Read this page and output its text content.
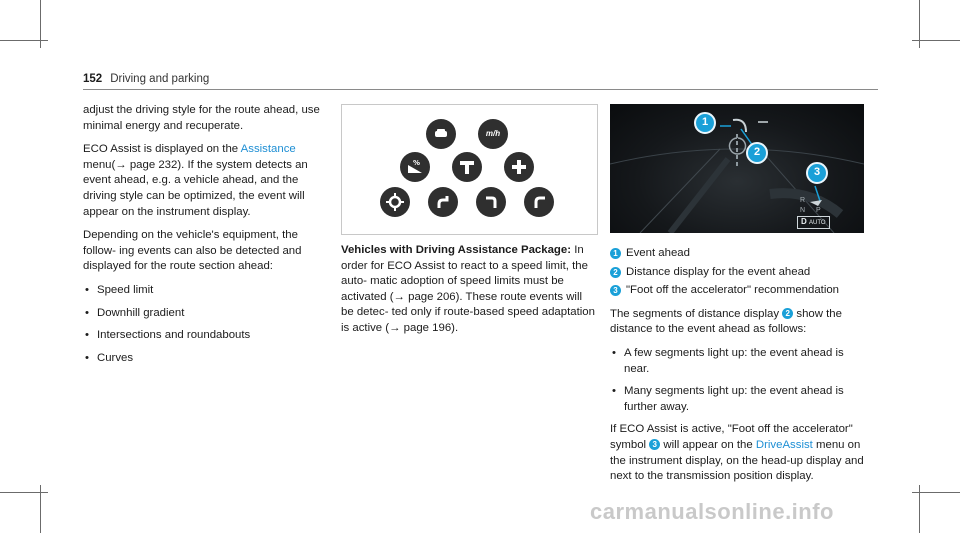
152 Driving and parking

adjust the driving style for the route ahead, use minimal energy and recuperate.

ECO Assist is displayed on the Assistance menu(→ page 232). If the system detects an event ahead, e.g. a vehicle ahead, and the driving style can be optimized, the event will appear on the instrument display.

Depending on the vehicle's equipment, the follow- ing events can also be detected and displayed for the route section ahead:

• Speed limit
• Downhill gradient
• Intersections and roundabouts
• Curves
m/h
%

Vehicles with Driving Assistance Package: In order for ECO Assist to react to a speed limit, the auto- matic adoption of speed limits must be activated (→ page 206). These route events will be detec- ted only if route-based speed adaptation is active (→ page 196).

1
2
3
R
N P
D AUTO
1 Event ahead
2 Distance display for the event ahead
3 "Foot off the accelerator" recommendation

The segments of distance display 2 show the distance to the event ahead as follows:

• A few segments light up: the event ahead is near.
• Many segments light up: the event ahead is further away.

If ECO Assist is active, "Foot off the accelerator" symbol 3 will appear on the DriveAssist menu on the instrument display, on the head-up display and next to the transmission position display.

carmanualsonline.info
